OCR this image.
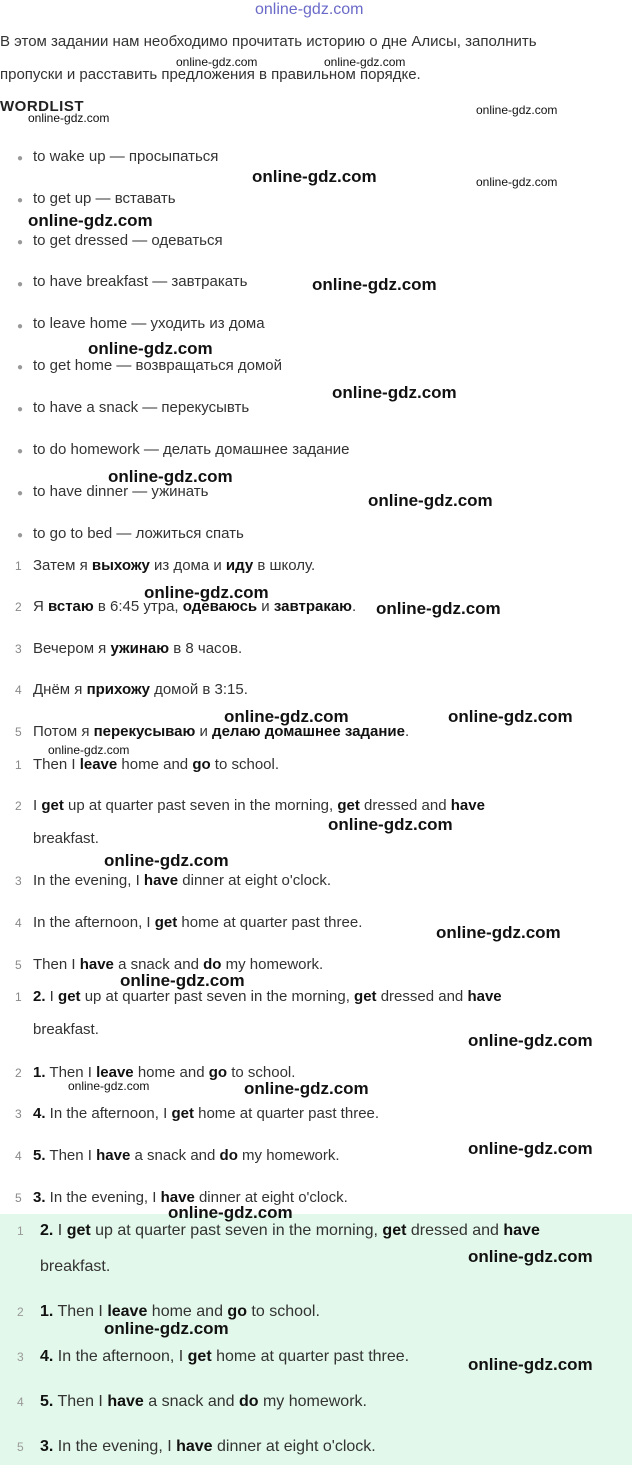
В этом задании нам необходимо прочитать историю о дне Алисы, заполнить
пропуски и расставить предложения в правильном порядке.
WORDLIST
● to wake up — просыпаться
● to get up — вставать
● to get dressed — одеваться
● to have breakfast — завтракать
● to leave home — уходить из дома
● to get home — возвращаться домой
● to have a snack — перекусывть
● to do homework — делать домашнее задание
● to have dinner — ужинать
● to go to bed — ложиться спать
1 Затем я выхожу из дома и иду в школу.
2 Я встаю в 6:45 утра, одеваюсь и завтракаю.
3 Вечером я ужинаю в 8 часов.
4 Днём я прихожу домой в 3:15.
5 Потом я перекусываю и делаю домашнее задание.
1 Then I leave home and go to school.
2 I get up at quarter past seven in the morning, get dressed and have
breakfast.
3 In the evening, I have dinner at eight o'clock.
4 In the afternoon, I get home at quarter past three.
5 Then I have a snack and do my homework.
1 2. I get up at quarter past seven in the morning, get dressed and have
breakfast.
2 1. Then I leave home and go to school.
3 4. In the afternoon, I get home at quarter past three.
4 5. Then I have a snack and do my homework.
5 3. In the evening, I have dinner at eight o'clock.
1 2. I get up at quarter past seven in the morning, get dressed and have
breakfast.
2 1. Then I leave home and go to school.
3 4. In the afternoon, I get home at quarter past three.
4 5. Then I have a snack and do my homework.
5 3. In the evening, I have dinner at eight o'clock.
online-gdz.com
online-gdz.com	online-gdz.com
online-gdz.com
online-gdz.com
online-gdz.com	online-gdz.com
online-gdz.com
online-gdz.com
online-gdz.com
online-gdz.com
online-gdz.com
online-gdz.com
online-gdz.com
online-gdz.com
online-gdz.com	online-gdz.com
online-gdz.com
online-gdz.com
online-gdz.com
online-gdz.com
online-gdz.com
online-gdz.com
online-gdz.com	online-gdz.com
online-gdz.com
online-gdz.com
online-gdz.com
online-gdz.com
online-gdz.com
